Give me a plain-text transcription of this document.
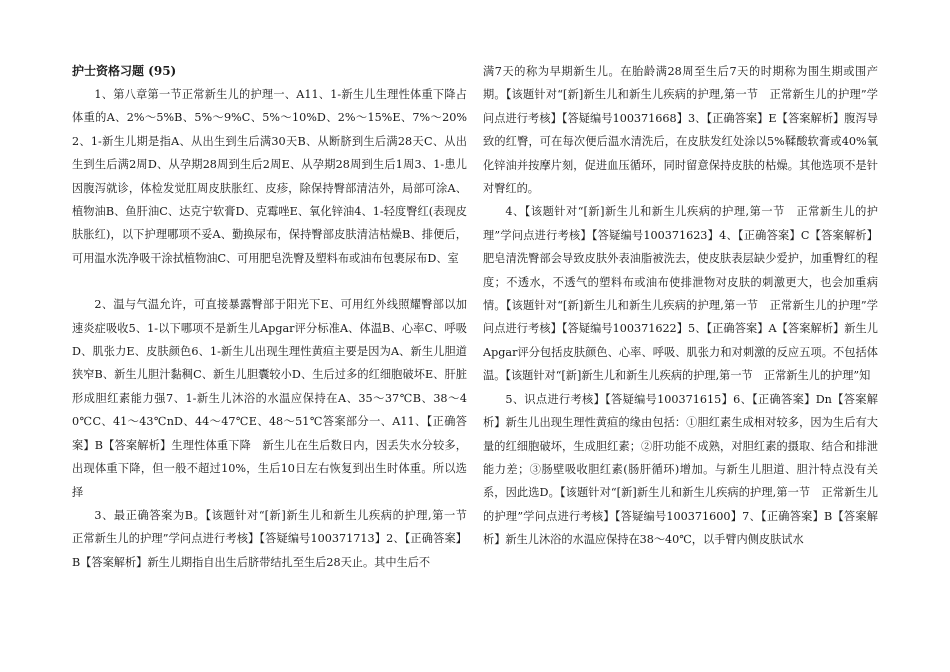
护士资格习题 (95)

1、第八章第一节正常新生儿的护理一、A11、1-新生儿生理性体重下降占体重的A、2%～5%B、5%～9%C、5%～10%D、2%～15%E、7%～20%2、1-新生儿期是指A、从出生到生后满30天B、从断脐到生后满28天C、从出生到生后满2周D、从孕期28周到生后2周E、从孕期28周到生后1周3、1-患儿因腹泻就诊，体检发觉肛周皮肤胀红、皮疹，除保持臀部清洁外，局部可涂A、植物油B、鱼肝油C、达克宁软膏D、克霉唑E、氧化锌油4、1-轻度臀红(表现皮肤胀红)，以下护理哪项不妥A、勤换尿布，保持臀部皮肤清洁枯燥B、排便后，可用温水洗净吸干涂拭植物油C、可用肥皂洗臀及塑料布或油布包裹尿布D、室

2、温与气温允许，可直接暴露臀部于阳光下E、可用红外线照耀臀部以加速炎症吸收5、1-以下哪项不是新生儿Apgar评分标准A、体温B、心率C、呼吸D、肌张力E、皮肤颜色6、1-新生儿出现生理性黄疸主要是因为A、新生儿胆道狭窄B、新生儿胆汁黏稠C、新生儿胆囊较小D、生后过多的红细胞破坏E、肝脏形成胆红素能力强7、1-新生儿沐浴的水温应保持在A、35～37℃B、38～40℃C、41～43℃nD、44～47℃E、48～51℃答案部分一、A11、【正确答案】B【答案解析】生理性体重下降　新生儿在生后数日内，因丢失水分较多，出现体重下降，但一般不超过10%，生后10日左右恢复到出生时体重。所以选择

3、最正确答案为B。【该题针对“[新]新生儿和新生儿疾病的护理,第一节　正常新生儿的护理”学问点进行考核】【答疑编号100371713】2、【正确答案】B【答案解析】新生儿期指自出生后脐带结扎至生后28天止。其中生后不

满7天的称为早期新生儿。在胎龄满28周至生后7天的时期称为围生期或围产期。【该题针对“[新]新生儿和新生儿疾病的护理,第一节　正常新生儿的护理”学问点进行考核】【答疑编号100371668】3、【正确答案】E【答案解析】腹泻导致的红臀，可在每次便后温水清洗后，在皮肤发红处涂以5%鞣酸软膏或40%氧化锌油并按摩片刻，促进血压循环，同时留意保持皮肤的枯燥。其他选项不是针对臀红的。

4、【该题针对“[新]新生儿和新生儿疾病的护理,第一节　正常新生儿的护理”学问点进行考核】【答疑编号100371623】4、【正确答案】C【答案解析】肥皂清洗臀部会导致皮肤外表油脂被洗去，使皮肤表层缺少爱护，加重臀红的程度；不透水，不透气的塑料布或油布使排泄物对皮肤的刺激更大，也会加重病情。【该题针对“[新]新生儿和新生儿疾病的护理,第一节　正常新生儿的护理”学问点进行考核】【答疑编号100371622】5、【正确答案】A【答案解析】新生儿Apgar评分包括皮肤颜色、心率、呼吸、肌张力和对刺激的反应五项。不包括体温。【该题针对“[新]新生儿和新生儿疾病的护理,第一节　正常新生儿的护理”知

5、识点进行考核】【答疑编号100371615】6、【正确答案】Dn【答案解析】新生儿出现生理性黄疸的缘由包括：①胆红素生成相对较多，因为生后有大量的红细胞破坏，生成胆红素；②肝功能不成熟，对胆红素的摄取、结合和排泄能力差；③肠壁吸收胆红素(肠肝循环)增加。与新生儿胆道、胆汁特点没有关系，因此选D。【该题针对“[新]新生儿和新生儿疾病的护理,第一节　正常新生儿的护理”学问点进行考核】【答疑编号100371600】7、【正确答案】B【答案解析】新生儿沐浴的水温应保持在38～40℃，以手臂内侧皮肤试水
